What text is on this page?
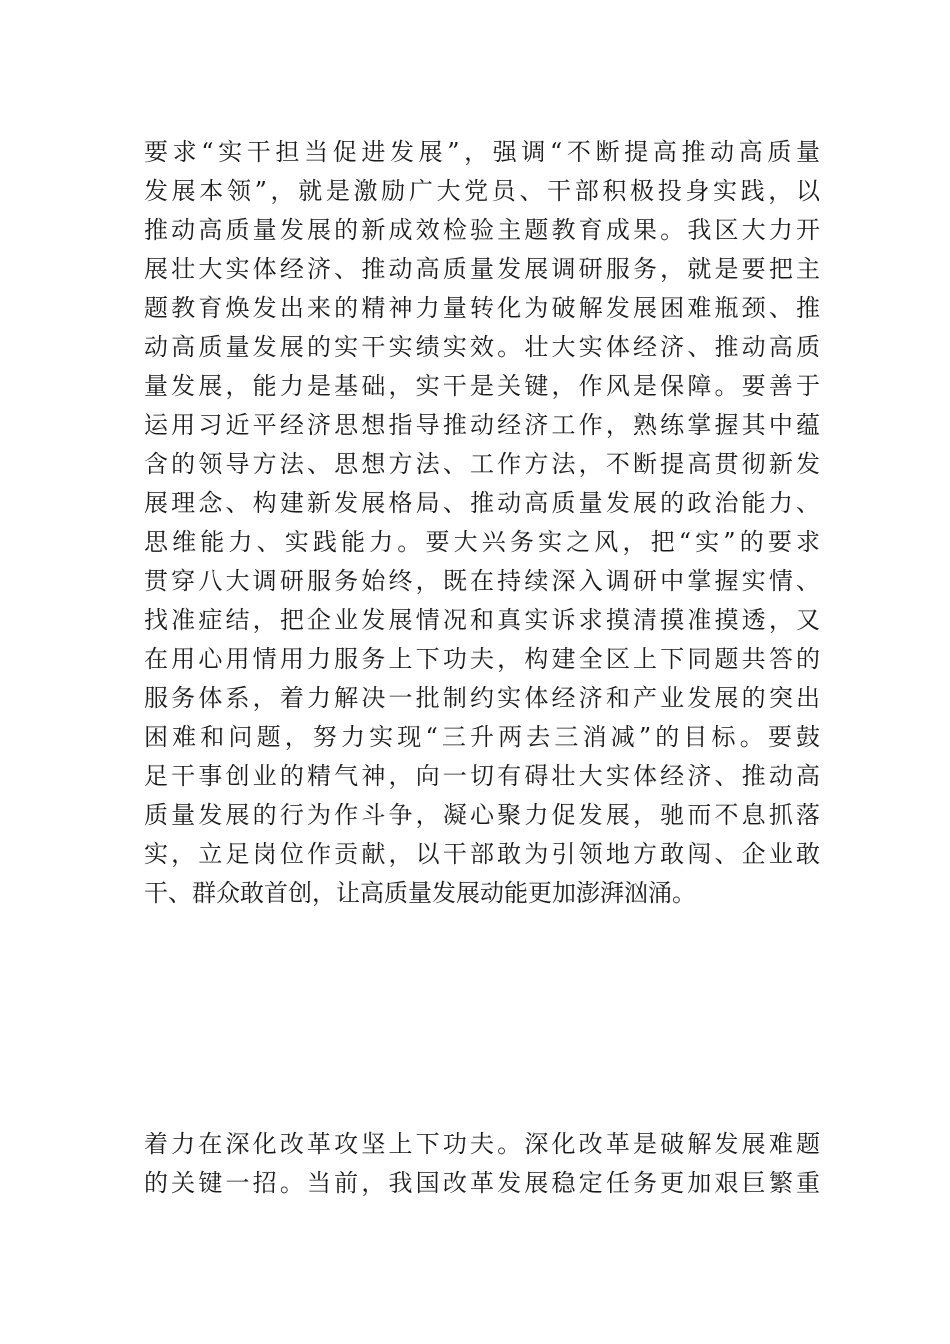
要求“实干担当促进发展”，强调“不断提高推动高质量
发展本领”，就是激励广大党员、干部积极投身实践，以
推动高质量发展的新成效检验主题教育成果。我区大力开
展壮大实体经济、推动高质量发展调研服务，就是要把主
题教育焕发出来的精神力量转化为破解发展困难瓶颈、推
动高质量发展的实干实绩实效。壮大实体经济、推动高质
量发展，能力是基础，实干是关键，作风是保障。要善于
运用习近平经济思想指导推动经济工作，熟练掌握其中蕴
含的领导方法、思想方法、工作方法，不断提高贯彻新发
展理念、构建新发展格局、推动高质量发展的政治能力、
思维能力、实践能力。要大兴务实之风，把“实”的要求
贯穿八大调研服务始终，既在持续深入调研中掌握实情、
找准症结，把企业发展情况和真实诉求摸清摸准摸透，又
在用心用情用力服务上下功夫，构建全区上下同题共答的
服务体系，着力解决一批制约实体经济和产业发展的突出
困难和问题，努力实现“三升两去三消减”的目标。要鼓
足干事创业的精气神，向一切有碍壮大实体经济、推动高
质量发展的行为作斗争，凝心聚力促发展，驰而不息抓落
实，立足岗位作贡献，以干部敢为引领地方敢闯、企业敢
干、群众敢首创，让高质量发展动能更加澎湃汹涌。
着力在深化改革攻坚上下功夫。深化改革是破解发展难题
的关键一招。当前，我国改革发展稳定任务更加艰巨繁重
